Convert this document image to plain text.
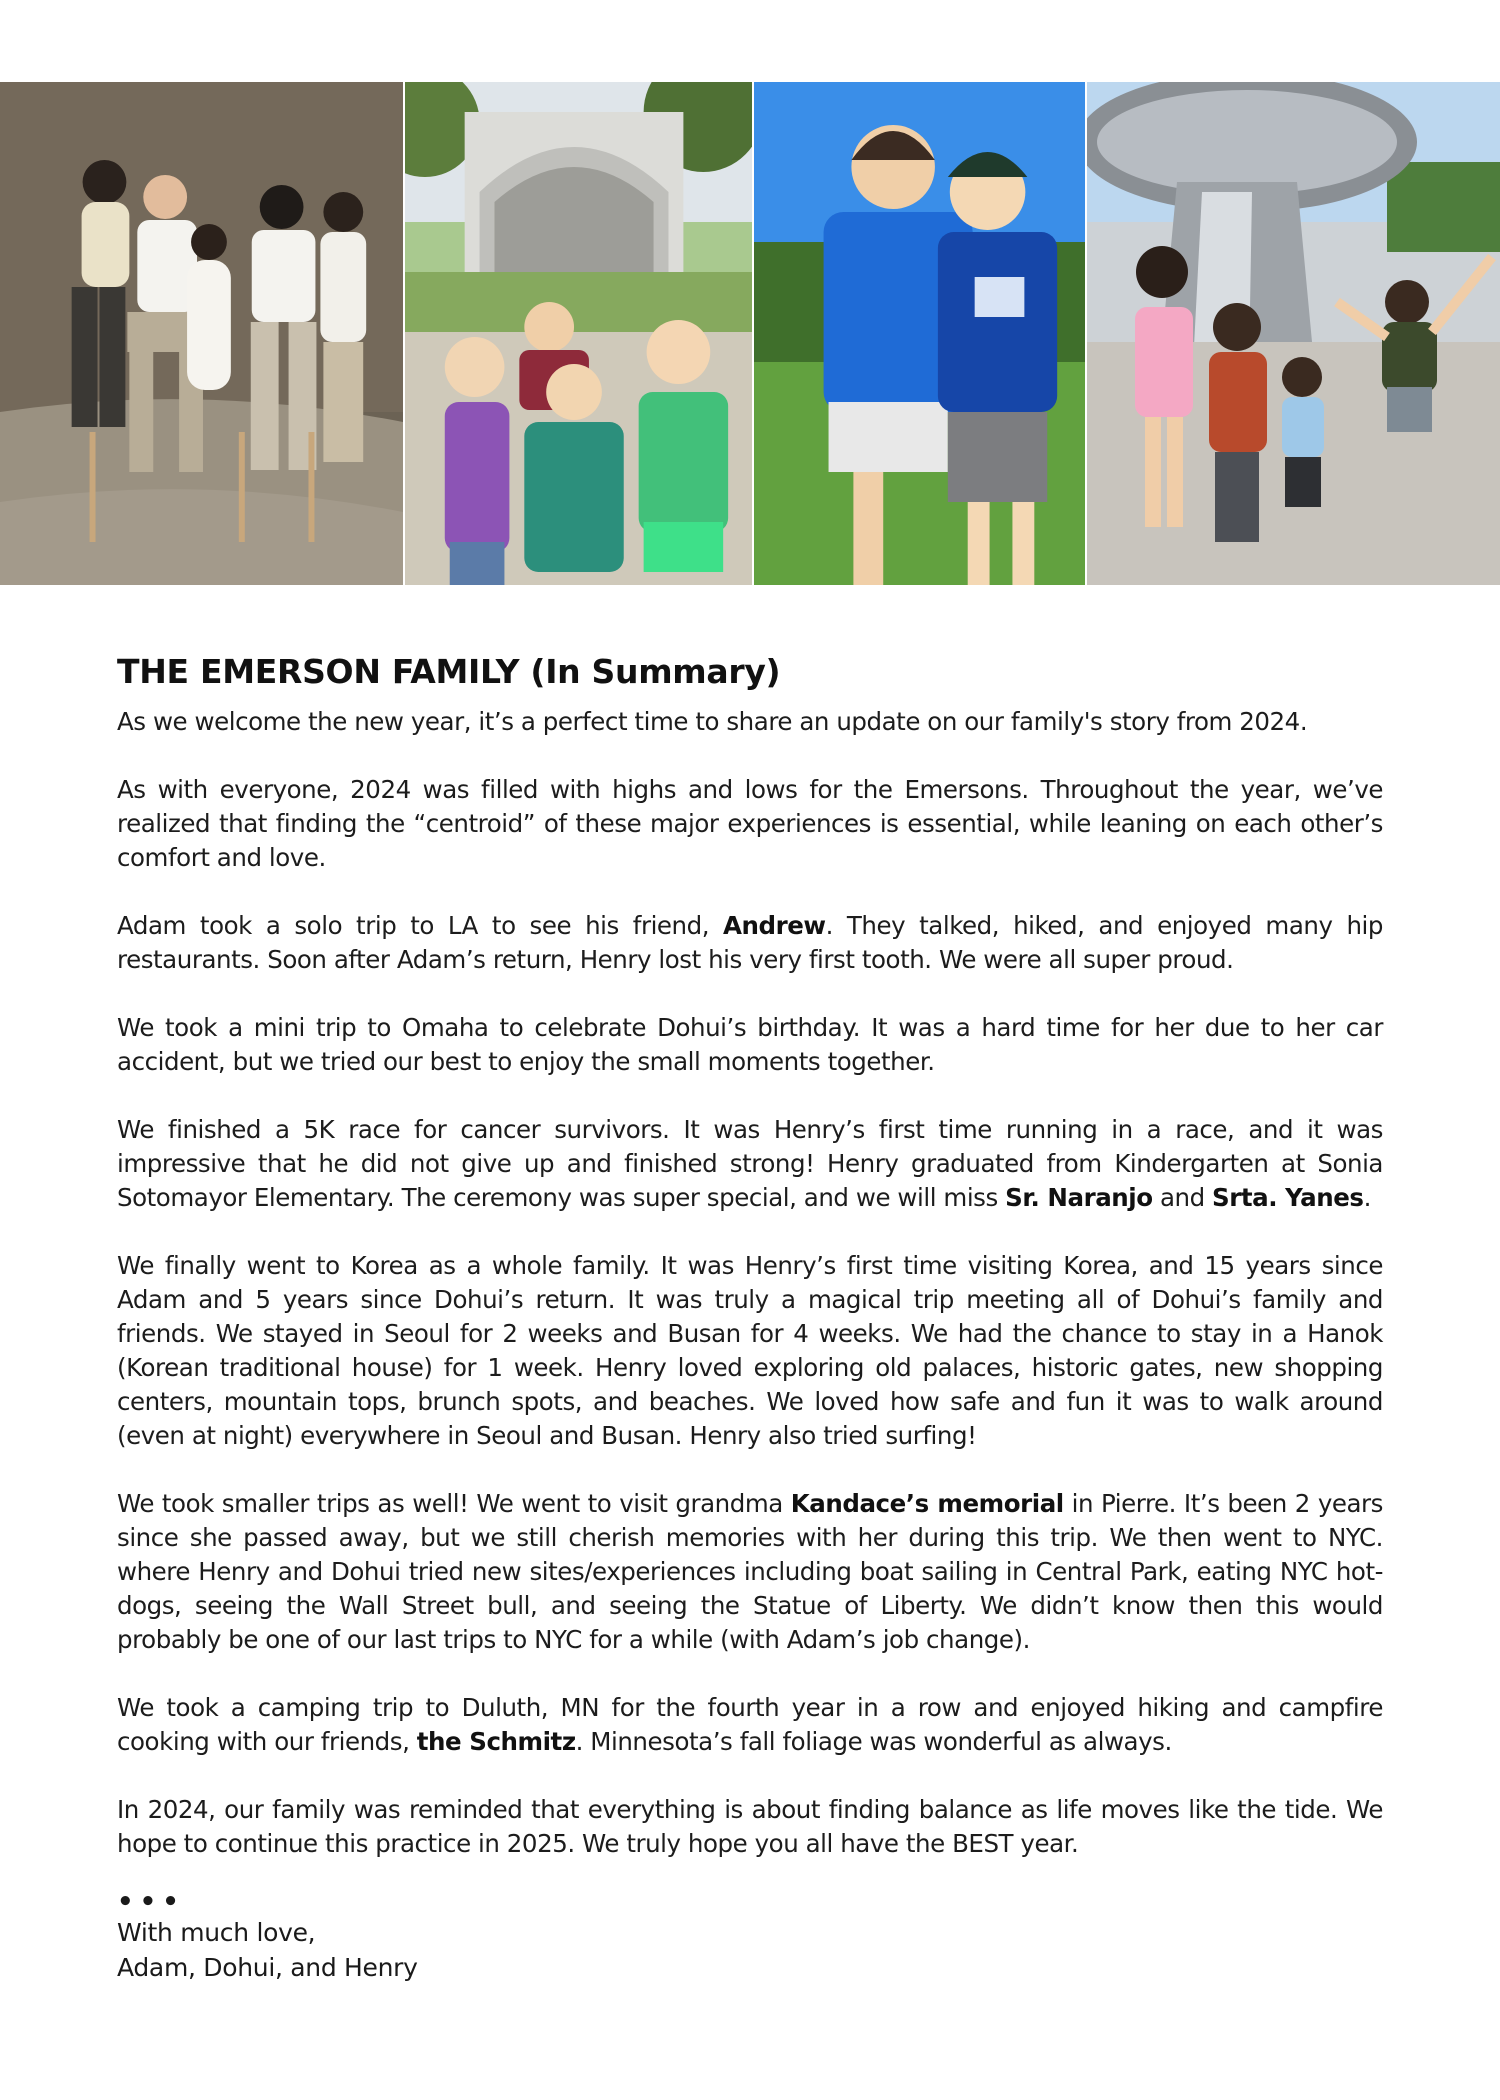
THE EMERSON FAMILY (In Summary)

As we welcome the new year, it’s a perfect time to share an update on our family's story from 2024.

As with everyone, 2024 was filled with highs and lows for the Emersons. Throughout the year, we’ve realized that finding the “centroid” of these major experiences is essential, while leaning on each other’s comfort and love.

Adam took a solo trip to LA to see his friend, Andrew. They talked, hiked, and enjoyed many hip restaurants. Soon after Adam’s return, Henry lost his very first tooth. We were all super proud.

We took a mini trip to Omaha to celebrate Dohui’s birthday. It was a hard time for her due to her car accident, but we tried our best to enjoy the small moments together.

We finished a 5K race for cancer survivors. It was Henry’s first time running in a race, and it was impressive that he did not give up and finished strong! Henry graduated from Kindergarten at Sonia Sotomayor Elementary. The ceremony was super special, and we will miss Sr. Naranjo and Srta. Yanes.

We finally went to Korea as a whole family. It was Henry’s first time visiting Korea, and 15 years since Adam and 5 years since Dohui’s return. It was truly a magical trip meeting all of Dohui’s family and friends. We stayed in Seoul for 2 weeks and Busan for 4 weeks. We had the chance to stay in a Hanok (Korean traditional house) for 1 week. Henry loved exploring old palaces, historic gates, new shopping centers, mountain tops, brunch spots, and beaches. We loved how safe and fun it was to walk around (even at night) everywhere in Seoul and Busan. Henry also tried surfing!

We took smaller trips as well! We went to visit grandma Kandace’s memorial in Pierre. It’s been 2 years since she passed away, but we still cherish memories with her during this trip. We then went to NYC. where Henry and Dohui tried new sites/experiences including boat sailing in Central Park, eating NYC hot-dogs, seeing the Wall Street bull, and seeing the Statue of Liberty. We didn’t know then this would probably be one of our last trips to NYC for a while (with Adam’s job change).

We took a camping trip to Duluth, MN for the fourth year in a row and enjoyed hiking and campfire cooking with our friends, the Schmitz. Minnesota’s fall foliage was wonderful as always.

In 2024, our family was reminded that everything is about finding balance as life moves like the tide. We hope to continue this practice in 2025. We truly hope you all have the BEST year.

•••
With much love,
Adam, Dohui, and Henry
